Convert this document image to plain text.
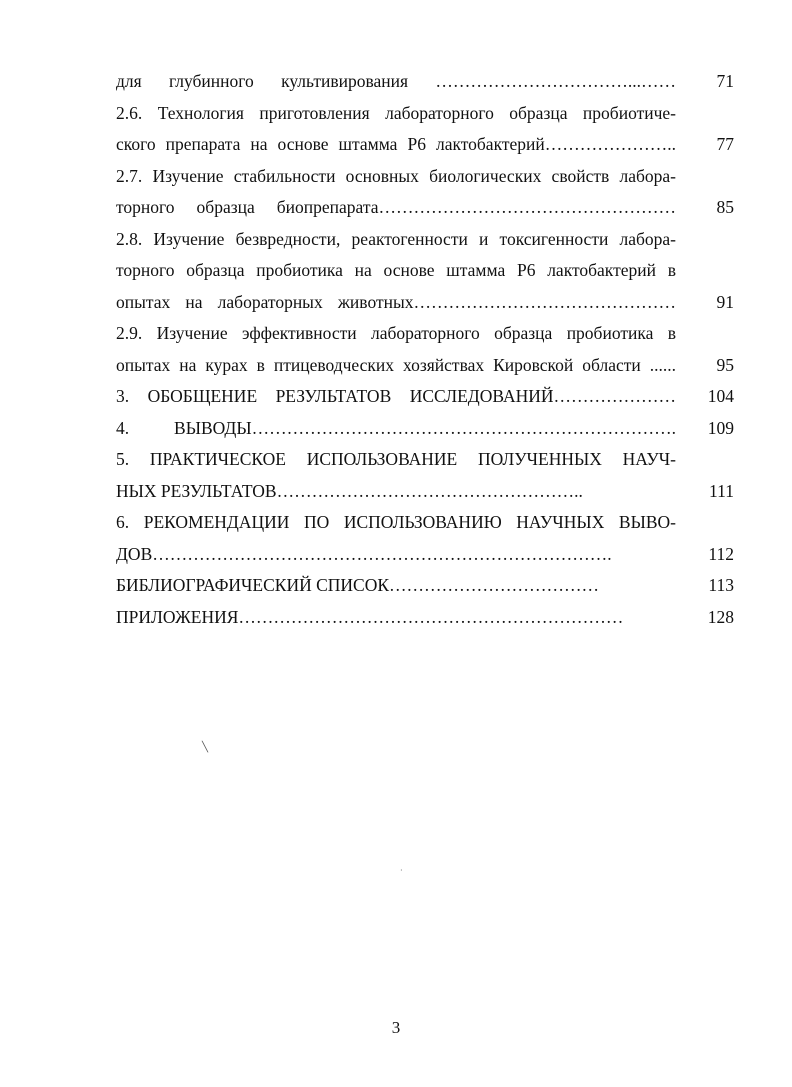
для глубинного культивирования ……………………………...……	71
2.6. Технология приготовления лабораторного образца пробиотиче-
ского препарата на основе штамма Р6 лактобактерий…………………..	77
2.7. Изучение стабильности основных биологических свойств лабора-
торного образца биопрепарата……………………………………………	85
2.8. Изучение безвредности, реактогенности и токсигенности лабора-
торного образца пробиотика на основе штамма Р6 лактобактерий в
опытах на лабораторных животных………………………………………	91
2.9. Изучение эффективности лабораторного образца пробиотика в
опытах на курах в птицеводческих хозяйствах Кировской области ......	95
3. ОБОБЩЕНИЕ РЕЗУЛЬТАТОВ ИССЛЕДОВАНИЙ…………………	104
4. ВЫВОДЫ……………………………………………………………….	109
5. ПРАКТИЧЕСКОЕ ИСПОЛЬЗОВАНИЕ ПОЛУЧЕННЫХ НАУЧ-
НЫХ РЕЗУЛЬТАТОВ……………………………………………..	111
6. РЕКОМЕНДАЦИИ ПО ИСПОЛЬЗОВАНИЮ НАУЧНЫХ ВЫВО-
ДОВ…………………………………………………………………….	112
БИБЛИОГРАФИЧЕСКИЙ СПИСОК………………………………	113
ПРИЛОЖЕНИЯ…………………………………………………………	128
╲
·
3
